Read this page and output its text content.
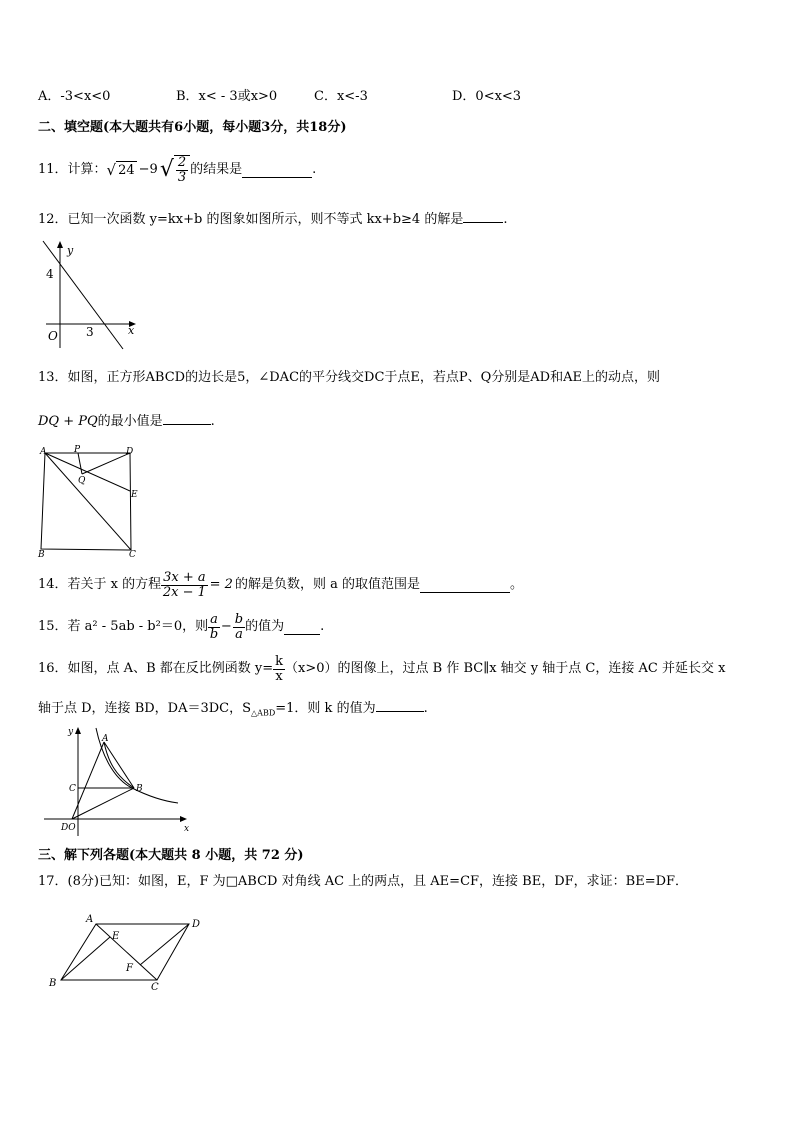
A．-3<x<0	B．x< - 3或x>0	C．x<-3	D．0<x<3
二、填空题(本大题共有6小题，每小题3分，共18分)
11．计算： √ 24 −9 √ $\frac{2}{3}$ 的结果是	.
12．已知一次函数 y=kx+b 的图象如图所示，则不等式 kx+b≥4 的解是	.
y
x
4
O 3
13．如图，正方形ABCD的边长是5，∠DAC的平分线交DC于点E，若点P、Q分别是AD和AE上的动点，则
DQ + PQ的最小值是	.
A	P	D
Q
E
B	C
14．若关于 x 的方程 $\frac{3x + a}{2x - 1} = 2$ 的解是负数，则 a 的取值范围是	。
15．若 a² - 5ab - b²＝0，则 $\frac{a}{b} - \frac{b}{a}$ 的值为	.
16．如图，点 A、B 都在反比例函数 $y= \frac{k}{x} (x>0)$的图像上，过点 B 作 BC∥x 轴交 y 轴于点 C，连接 AC 并延长交 x
轴于点 D，连接 BD，DA＝3DC，$S_{\triangle ABD}=1$．则 k 的值为	.
y
A
C	B
DO	x
三、解下列各题(本大题共 8 小题，共 72 分)
17．(8分)已知：如图，E，F 为□ABCD 对角线 AC 上的两点，且 AE=CF，连接 BE，DF，求证：BE=DF．
A
E
D
F
B	C
